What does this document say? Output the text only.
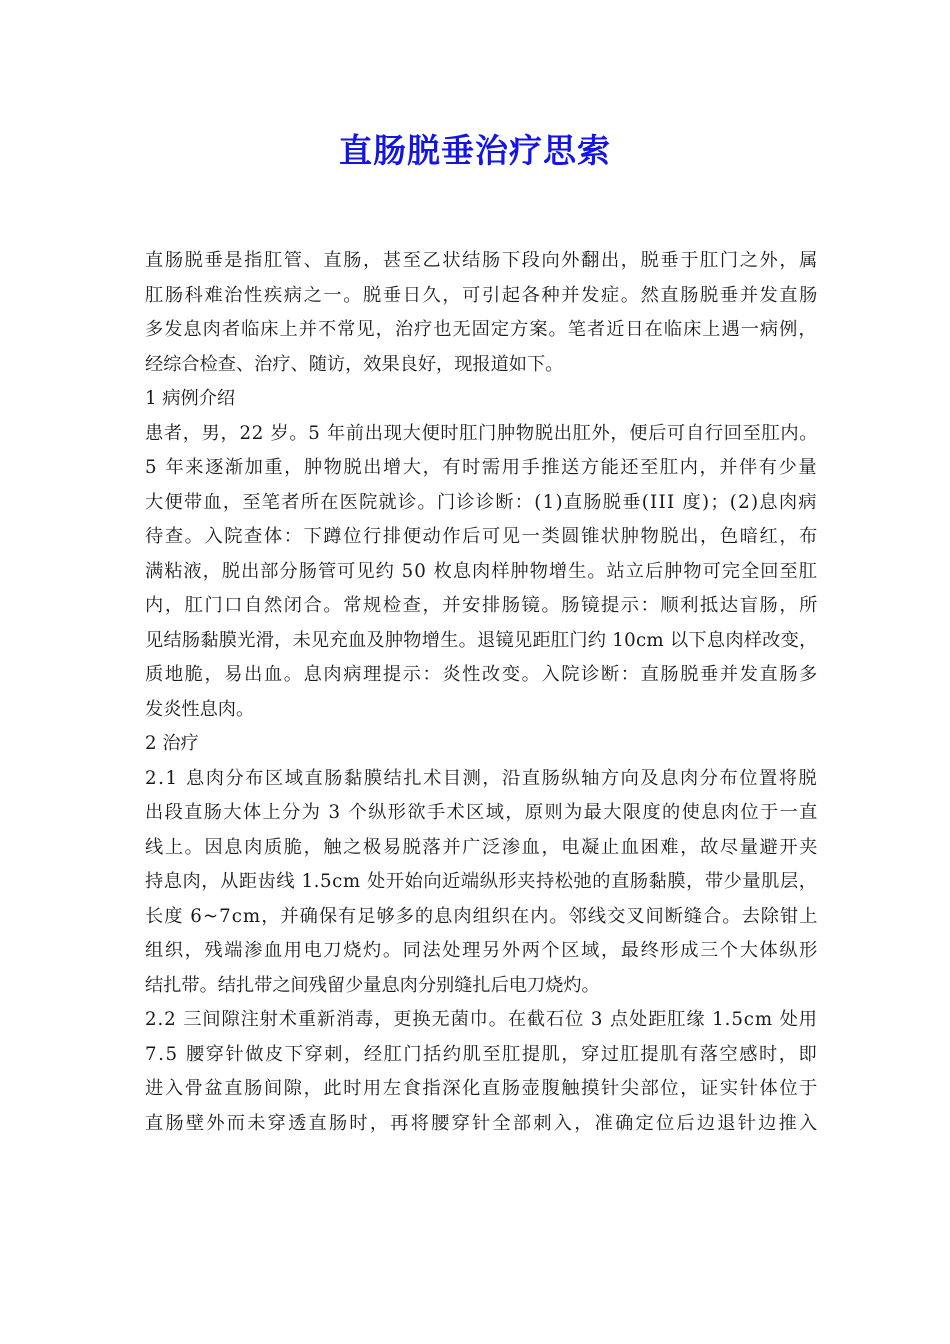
直肠脱垂治疗思索
直肠脱垂是指肛管、直肠，甚至乙状结肠下段向外翻出，脱垂于肛门之外，属
肛肠科难治性疾病之一。脱垂日久，可引起各种并发症。然直肠脱垂并发直肠
多发息肉者临床上并不常见，治疗也无固定方案。笔者近日在临床上遇一病例，
经综合检查、治疗、随访，效果良好，现报道如下。
1 病例介绍
患者，男，22 岁。5 年前出现大便时肛门肿物脱出肛外，便后可自行回至肛内。
5 年来逐渐加重，肿物脱出增大，有时需用手推送方能还至肛内，并伴有少量
大便带血，至笔者所在医院就诊。门诊诊断：(1)直肠脱垂(III 度)；(2)息肉病
待查。入院查体：下蹲位行排便动作后可见一类圆锥状肿物脱出，色暗红，布
满粘液，脱出部分肠管可见约 50 枚息肉样肿物增生。站立后肿物可完全回至肛
内，肛门口自然闭合。常规检查，并安排肠镜。肠镜提示：顺利抵达盲肠，所
见结肠黏膜光滑，未见充血及肿物增生。退镜见距肛门约 10cm 以下息肉样改变，
质地脆，易出血。息肉病理提示：炎性改变。入院诊断：直肠脱垂并发直肠多
发炎性息肉。
2 治疗
2.1 息肉分布区域直肠黏膜结扎术目测，沿直肠纵轴方向及息肉分布位置将脱
出段直肠大体上分为 3 个纵形欲手术区域，原则为最大限度的使息肉位于一直
线上。因息肉质脆，触之极易脱落并广泛渗血，电凝止血困难，故尽量避开夹
持息肉，从距齿线 1.5cm 处开始向近端纵形夹持松弛的直肠黏膜，带少量肌层，
长度 6~7cm，并确保有足够多的息肉组织在内。邻线交叉间断缝合。去除钳上
组织，残端渗血用电刀烧灼。同法处理另外两个区域，最终形成三个大体纵形
结扎带。结扎带之间残留少量息肉分别缝扎后电刀烧灼。
2.2 三间隙注射术重新消毒，更换无菌巾。在截石位 3 点处距肛缘 1.5cm 处用
7.5 腰穿针做皮下穿刺，经肛门括约肌至肛提肌，穿过肛提肌有落空感时，即
进入骨盆直肠间隙，此时用左食指深化直肠壶腹触摸针尖部位，证实针体位于
直肠壁外而未穿透直肠时，再将腰穿针全部刺入，准确定位后边退针边推入
